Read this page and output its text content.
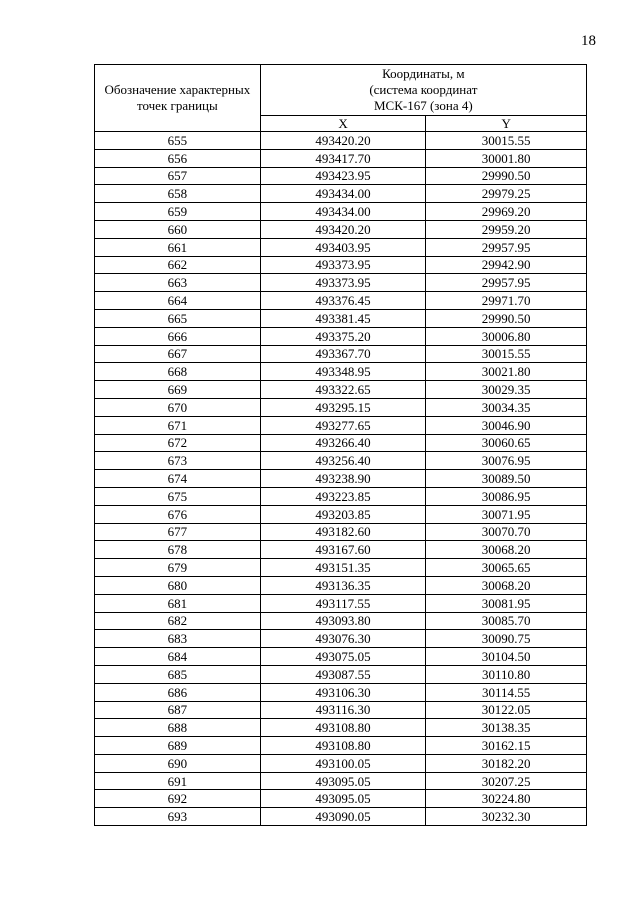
18
Обозначение характерных точек границы	Координаты, м
(система координат
МСК-167 (зона 4)	

	X	Y
655	493420.20	30015.55
656	493417.70	30001.80
657	493423.95	29990.50
658	493434.00	29979.25
659	493434.00	29969.20
660	493420.20	29959.20
661	493403.95	29957.95
662	493373.95	29942.90
663	493373.95	29957.95
664	493376.45	29971.70
665	493381.45	29990.50
666	493375.20	30006.80
667	493367.70	30015.55
668	493348.95	30021.80
669	493322.65	30029.35
670	493295.15	30034.35
671	493277.65	30046.90
672	493266.40	30060.65
673	493256.40	30076.95
674	493238.90	30089.50
675	493223.85	30086.95
676	493203.85	30071.95
677	493182.60	30070.70
678	493167.60	30068.20
679	493151.35	30065.65
680	493136.35	30068.20
681	493117.55	30081.95
682	493093.80	30085.70
683	493076.30	30090.75
684	493075.05	30104.50
685	493087.55	30110.80
686	493106.30	30114.55
687	493116.30	30122.05
688	493108.80	30138.35
689	493108.80	30162.15
690	493100.05	30182.20
691	493095.05	30207.25
692	493095.05	30224.80
693	493090.05	30232.30
